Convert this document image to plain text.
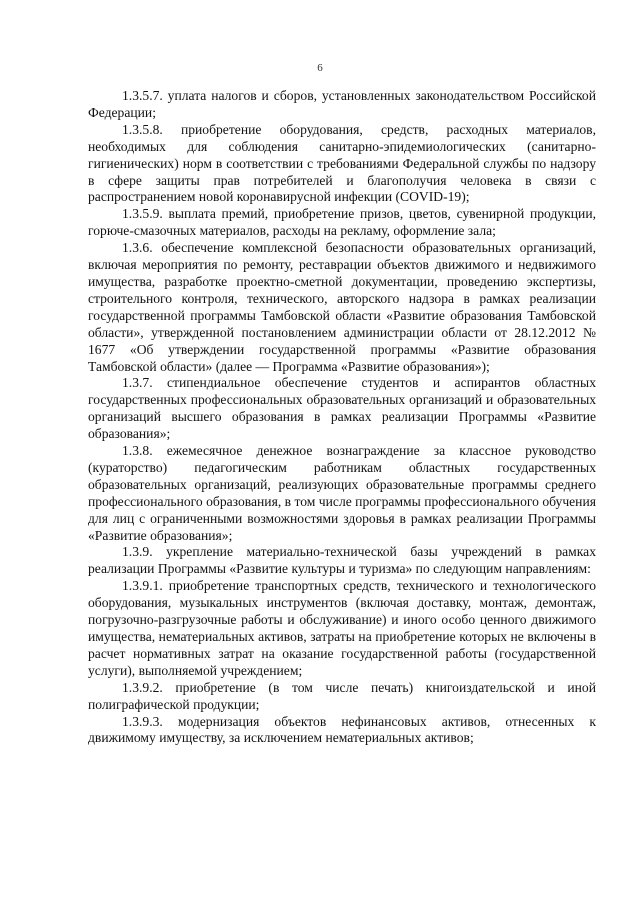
6

1.3.5.7. уплата налогов и сборов, установленных законодательством Российской Федерации;

1.3.5.8. приобретение оборудования, средств, расходных материалов, необходимых для соблюдения санитарно-эпидемиологических (санитарно-гигиенических) норм в соответствии с требованиями Федеральной службы по надзору в сфере защиты прав потребителей и благополучия человека в связи с распространением новой коронавирусной инфекции (COVID-19);

1.3.5.9. выплата премий, приобретение призов, цветов, сувенирной продукции, горюче-смазочных материалов, расходы на рекламу, оформление зала;

1.3.6. обеспечение комплексной безопасности образовательных организаций, включая мероприятия по ремонту, реставрации объектов движимого и недвижимого имущества, разработке проектно-сметной документации, проведению экспертизы, строительного контроля, технического, авторского надзора в рамках реализации государственной программы Тамбовской области «Развитие образования Тамбовской области», утвержденной постановлением администрации области от 28.12.2012 № 1677 «Об утверждении государственной программы «Развитие образования Тамбовской области» (далее — Программа «Развитие образования»);

1.3.7. стипендиальное обеспечение студентов и аспирантов областных государственных профессиональных образовательных организаций и образовательных организаций высшего образования в рамках реализации Программы «Развитие образования»;

1.3.8. ежемесячное денежное вознаграждение за классное руководство (кураторство) педагогическим работникам областных государственных образовательных организаций, реализующих образовательные программы среднего профессионального образования, в том числе программы профессионального обучения для лиц с ограниченными возможностями здоровья в рамках реализации Программы «Развитие образования»;

1.3.9. укрепление материально-технической базы учреждений в рамках реализации Программы «Развитие культуры и туризма» по следующим направлениям:

1.3.9.1. приобретение транспортных средств, технического и технологического оборудования, музыкальных инструментов (включая доставку, монтаж, демонтаж, погрузочно-разгрузочные работы и обслуживание) и иного особо ценного движимого имущества, нематериальных активов, затраты на приобретение которых не включены в расчет нормативных затрат на оказание государственной работы (государственной услуги), выполняемой учреждением;

1.3.9.2. приобретение (в том числе печать) книгоиздательской и иной полиграфической продукции;

1.3.9.3. модернизация объектов нефинансовых активов, отнесенных к движимому имуществу, за исключением нематериальных активов;
